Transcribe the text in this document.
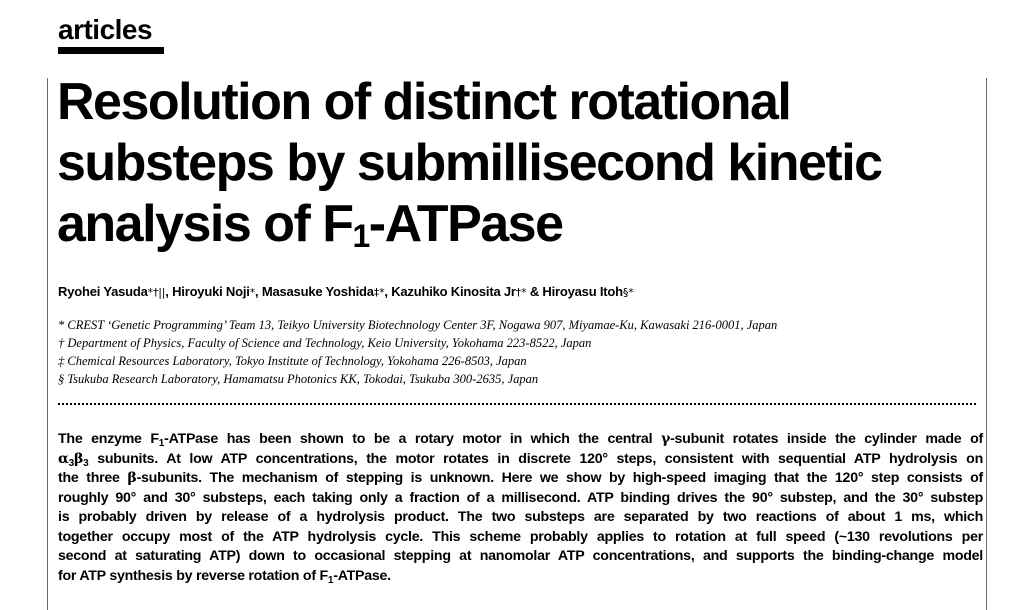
articles
Resolution of distinct rotational
substeps by submillisecond kinetic
analysis of $F_1$-ATPase

Ryohei Yasuda*†||, Hiroyuki Noji*, Masasuke Yoshida‡*, Kazuhiko Kinosita Jr†* & Hiroyasu Itoh§*

* CREST ‘Genetic Programming’ Team 13, Teikyo University Biotechnology Center 3F, Nogawa 907, Miyamae-Ku, Kawasaki 216-0001, Japan
† Department of Physics, Faculty of Science and Technology, Keio University, Yokohama 223-8522, Japan
‡ Chemical Resources Laboratory, Tokyo Institute of Technology, Yokohama 226-8503, Japan
§ Tsukuba Research Laboratory, Hamamatsu Photonics KK, Tokodai, Tsukuba 300-2635, Japan

The enzyme $F_1$-ATPase has been shown to be a rotary motor in which the central γ-subunit rotates inside the cylinder made of
$\alpha_3\beta_3$ subunits. At low ATP concentrations, the motor rotates in discrete 120° steps, consistent with sequential ATP hydrolysis on
the three β-subunits. The mechanism of stepping is unknown. Here we show by high-speed imaging that the 120° step consists of
roughly 90° and 30° substeps, each taking only a fraction of a millisecond. ATP binding drives the 90° substep, and the 30° substep
is probably driven by release of a hydrolysis product. The two substeps are separated by two reactions of about 1 ms, which
together occupy most of the ATP hydrolysis cycle. This scheme probably applies to rotation at full speed (~130 revolutions per
second at saturating ATP) down to occasional stepping at nanomolar ATP concentrations, and supports the binding-change model
for ATP synthesis by reverse rotation of $F_1$-ATPase.
